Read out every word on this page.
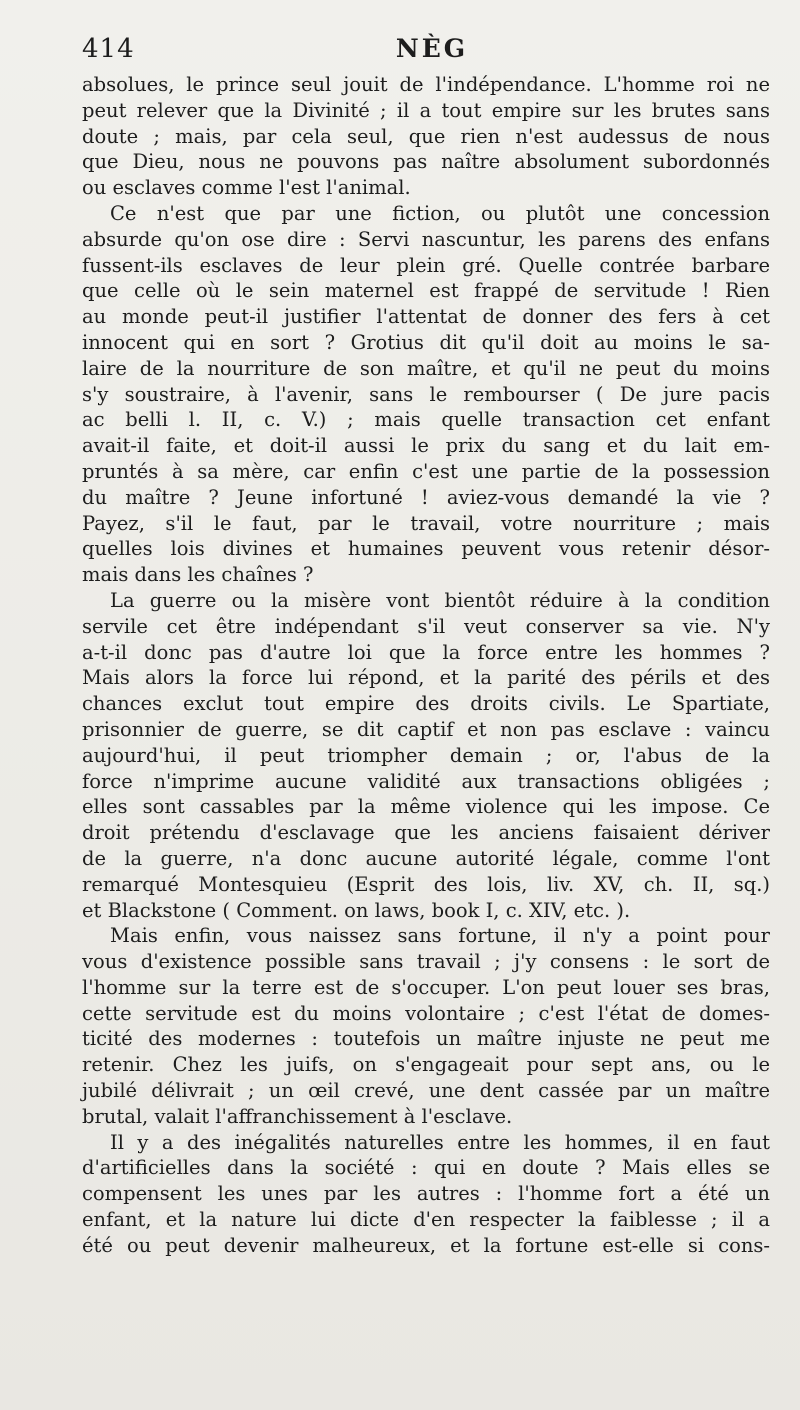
414	NÈG
absolues, le prince seul jouit de l'indépendance. L'homme roi ne
peut relever que la Divinité ; il a tout empire sur les brutes sans
doute ; mais, par cela seul, que rien n'est audessus de nous
que Dieu, nous ne pouvons pas naître absolument subordonnés
ou esclaves comme l'est l'animal.
Ce n'est que par une fiction, ou plutôt une concession
absurde qu'on ose dire : Servi nascuntur, les parens des enfans
fussent-ils esclaves de leur plein gré. Quelle contrée barbare
que celle où le sein maternel est frappé de servitude ! Rien
au monde peut-il justifier l'attentat de donner des fers à cet
innocent qui en sort ? Grotius dit qu'il doit au moins le sa-
laire de la nourriture de son maître, et qu'il ne peut du moins
s'y soustraire, à l'avenir, sans le rembourser ( De jure pacis
ac belli l. II, c. V.) ; mais quelle transaction cet enfant
avait-il faite, et doit-il aussi le prix du sang et du lait em-
pruntés à sa mère, car enfin c'est une partie de la possession
du maître ? Jeune infortuné ! aviez-vous demandé la vie ?
Payez, s'il le faut, par le travail, votre nourriture ; mais
quelles lois divines et humaines peuvent vous retenir désor-
mais dans les chaînes ?
La guerre ou la misère vont bientôt réduire à la condition
servile cet être indépendant s'il veut conserver sa vie. N'y
a-t-il donc pas d'autre loi que la force entre les hommes ?
Mais alors la force lui répond, et la parité des périls et des
chances exclut tout empire des droits civils. Le Spartiate,
prisonnier de guerre, se dit captif et non pas esclave : vaincu
aujourd'hui, il peut triompher demain ; or, l'abus de la
force n'imprime aucune validité aux transactions obligées ;
elles sont cassables par la même violence qui les impose. Ce
droit prétendu d'esclavage que les anciens faisaient dériver
de la guerre, n'a donc aucune autorité légale, comme l'ont
remarqué Montesquieu (Esprit des lois, liv. XV, ch. II, sq.)
et Blackstone ( Comment. on laws, book I, c. XIV, etc. ).
Mais enfin, vous naissez sans fortune, il n'y a point pour
vous d'existence possible sans travail ; j'y consens : le sort de
l'homme sur la terre est de s'occuper. L'on peut louer ses bras,
cette servitude est du moins volontaire ; c'est l'état de domes-
ticité des modernes : toutefois un maître injuste ne peut me
retenir. Chez les juifs, on s'engageait pour sept ans, ou le
jubilé délivrait ; un œil crevé, une dent cassée par un maître
brutal, valait l'affranchissement à l'esclave.
Il y a des inégalités naturelles entre les hommes, il en faut
d'artificielles dans la société : qui en doute ? Mais elles se
compensent les unes par les autres : l'homme fort a été un
enfant, et la nature lui dicte d'en respecter la faiblesse ; il a
été ou peut devenir malheureux, et la fortune est-elle si cons-
